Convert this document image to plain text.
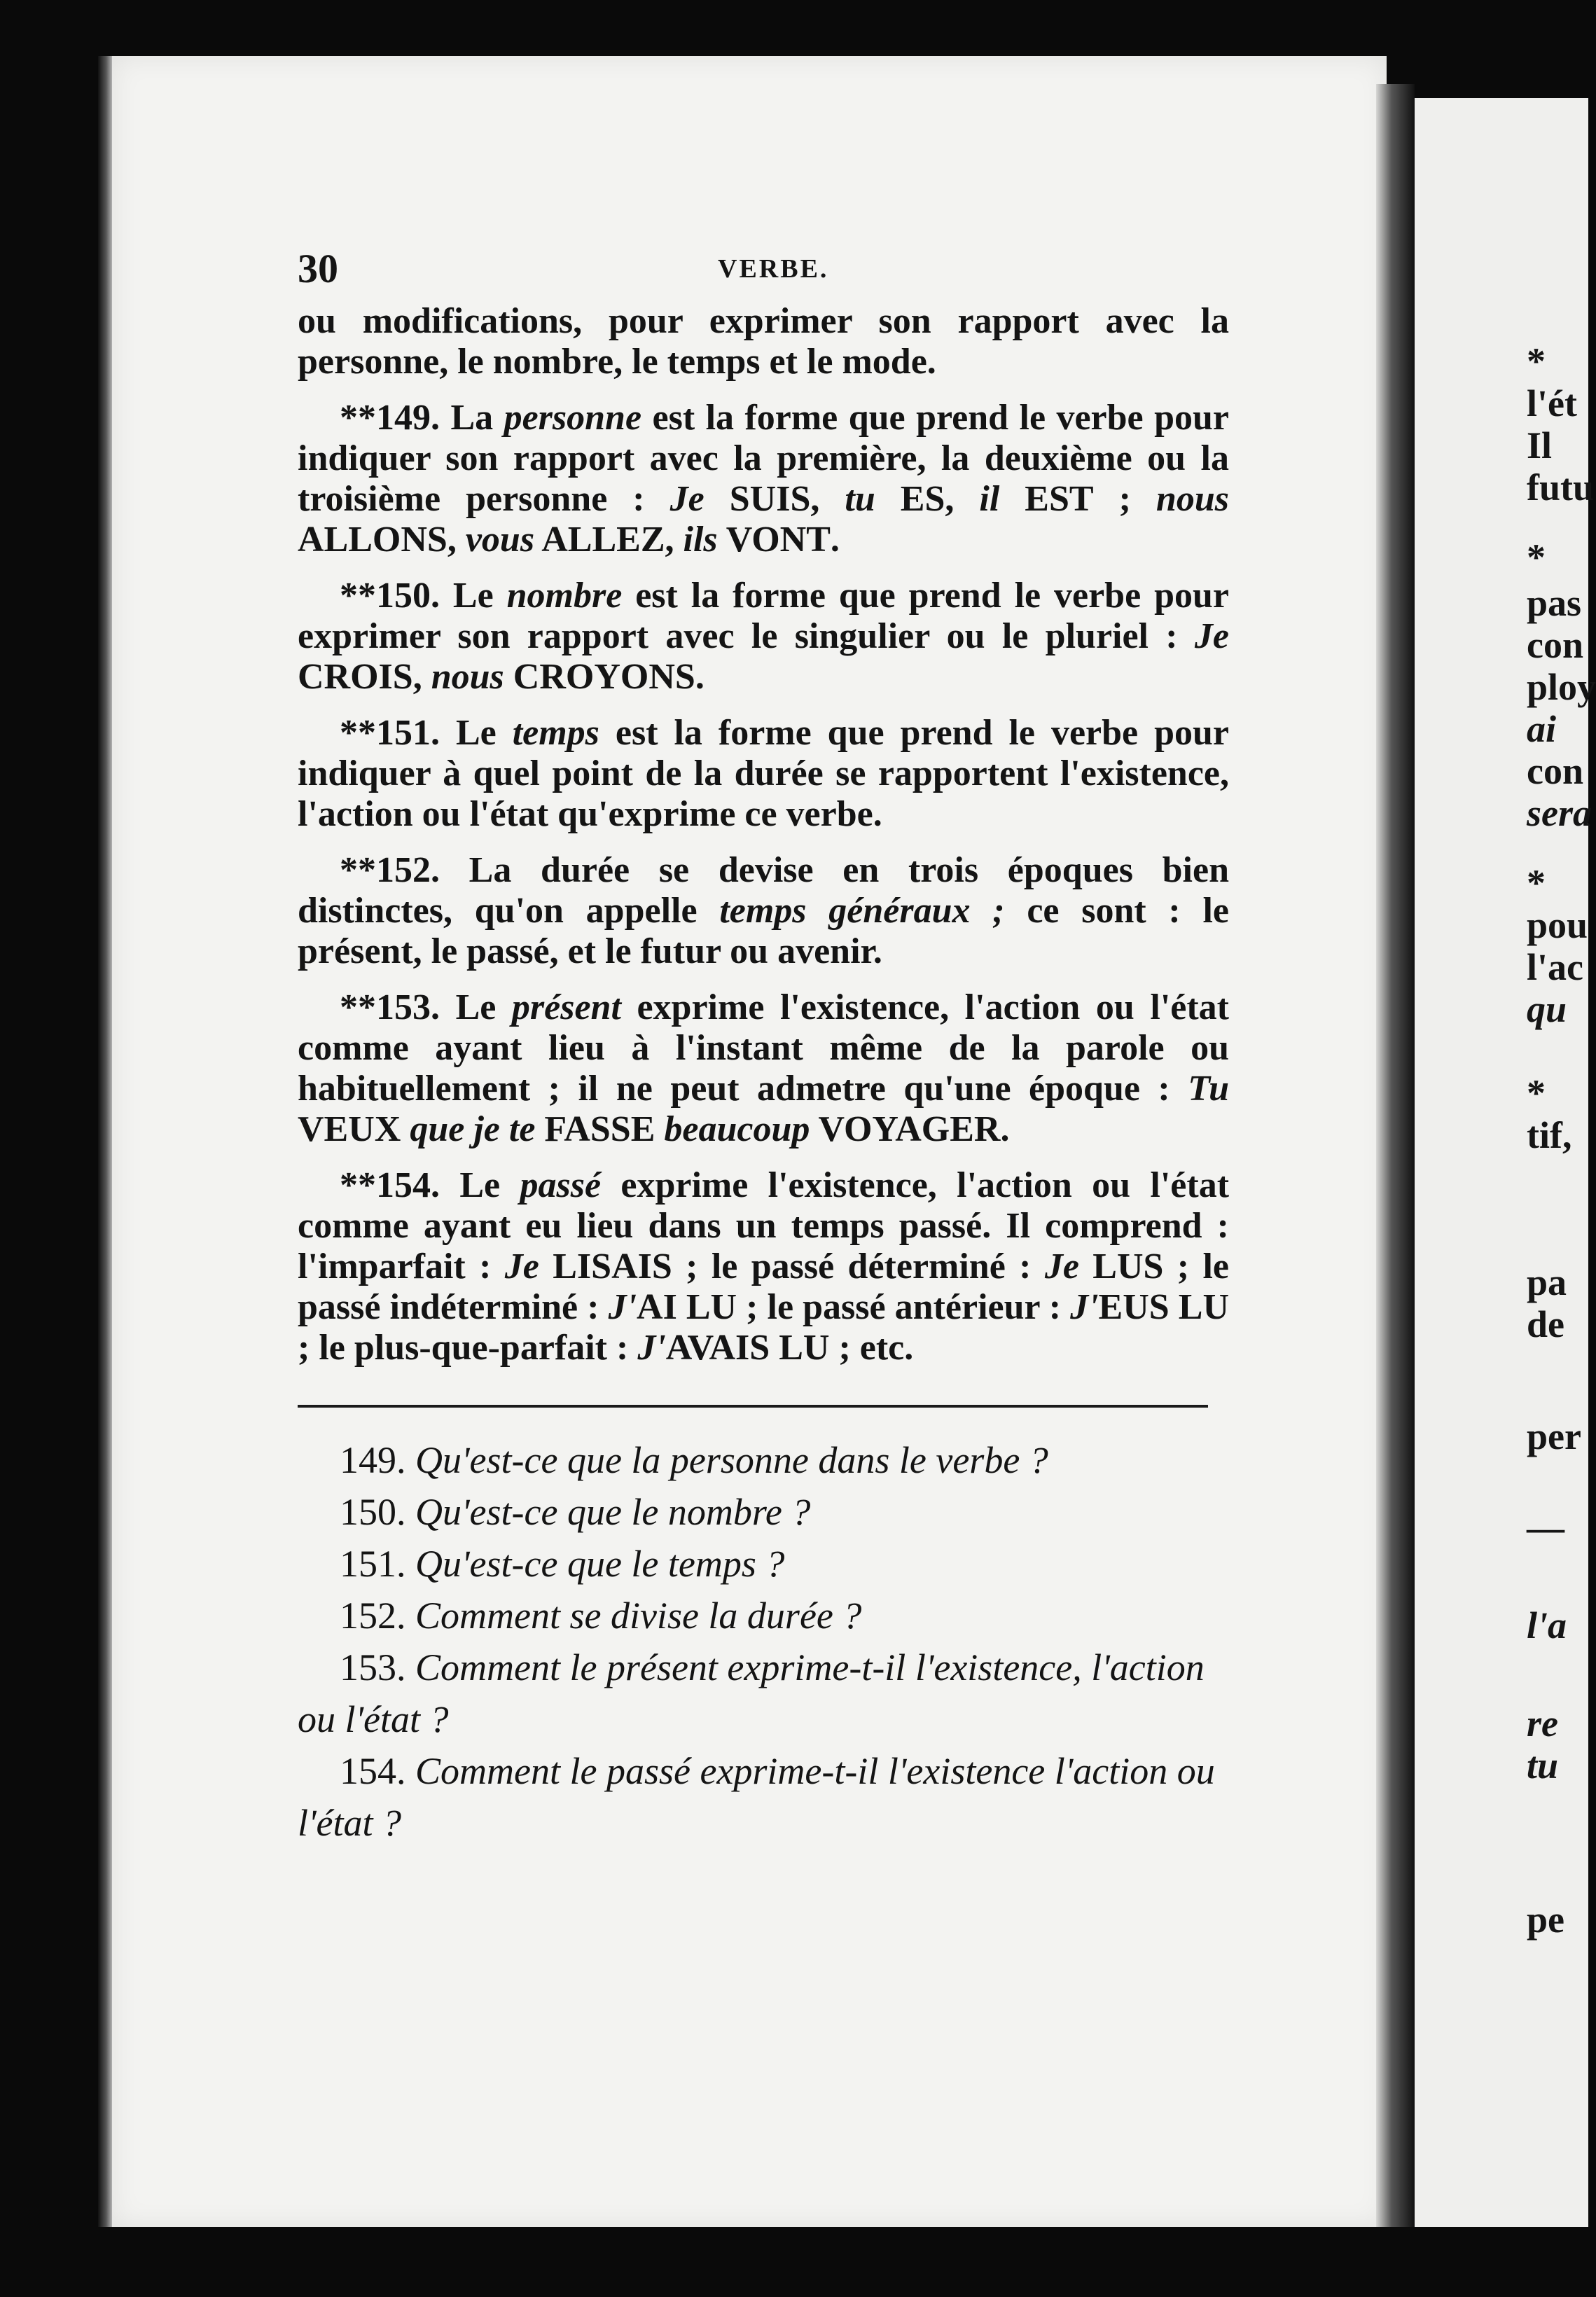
*
l'ét
Il
futu
*
pas
con
ploy
ai
con
sera
*
pou
l'ac
qu
*
tif,
pa
de
per
—
l'a
re
tu
pe
30	VERBE.

ou modifications, pour exprimer son rapport avec la personne, le nombre, le temps et le mode.

**149. La personne est la forme que prend le verbe pour indiquer son rapport avec la première, la deuxième ou la troisième personne : Je SUIS, tu ES, il EST ; nous ALLONS, vous ALLEZ, ils VONT.

**150. Le nombre est la forme que prend le verbe pour exprimer son rapport avec le singulier ou le pluriel : Je CROIS, nous CROYONS.

**151. Le temps est la forme que prend le verbe pour indiquer à quel point de la durée se rapportent l'existence, l'action ou l'état qu'exprime ce verbe.

**152. La durée se devise en trois époques bien distinctes, qu'on appelle temps généraux ; ce sont : le présent, le passé, et le futur ou avenir.

**153. Le présent exprime l'existence, l'action ou l'état comme ayant lieu à l'instant même de la parole ou habituellement ; il ne peut admetre qu'une époque : Tu VEUX que je te FASSE beaucoup VOYAGER.

**154. Le passé exprime l'existence, l'action ou l'état comme ayant eu lieu dans un temps passé. Il comprend : l'imparfait : Je LISAIS ; le passé déterminé : Je LUS ; le passé indéterminé : J'AI LU ; le passé antérieur : J'EUS LU ; le plus-que-parfait : J'AVAIS LU ; etc.

149. Qu'est-ce que la personne dans le verbe ?

150. Qu'est-ce que le nombre ?

151. Qu'est-ce que le temps ?

152. Comment se divise la durée ?

153. Comment le présent exprime-t-il l'existence, l'action ou l'état ?

154. Comment le passé exprime-t-il l'existence l'action ou l'état ?
